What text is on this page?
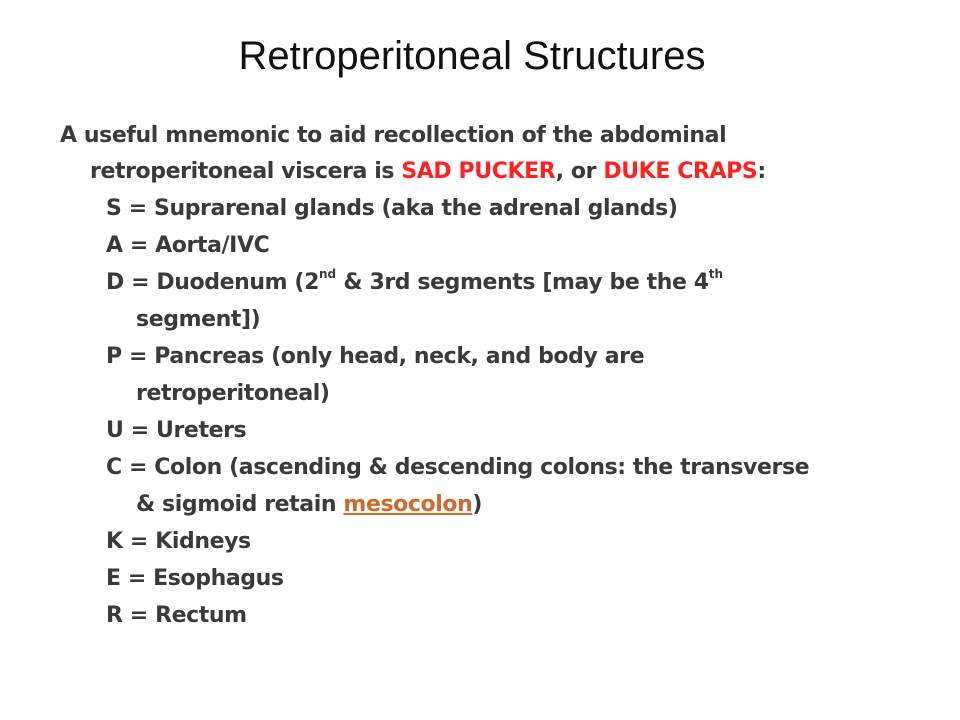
Retroperitoneal Structures

A useful mnemonic to aid recollection of the abdominal
retroperitoneal viscera is SAD PUCKER, or DUKE CRAPS:

S = Suprarenal glands (aka the adrenal glands)
A = Aorta/IVC
D = Duodenum (2nd & 3rd segments [may be the 4th
segment])
P = Pancreas (only head, neck, and body are
retroperitoneal)
U = Ureters
C = Colon (ascending & descending colons: the transverse
& sigmoid retain mesocolon)
K = Kidneys
E = Esophagus
R = Rectum
